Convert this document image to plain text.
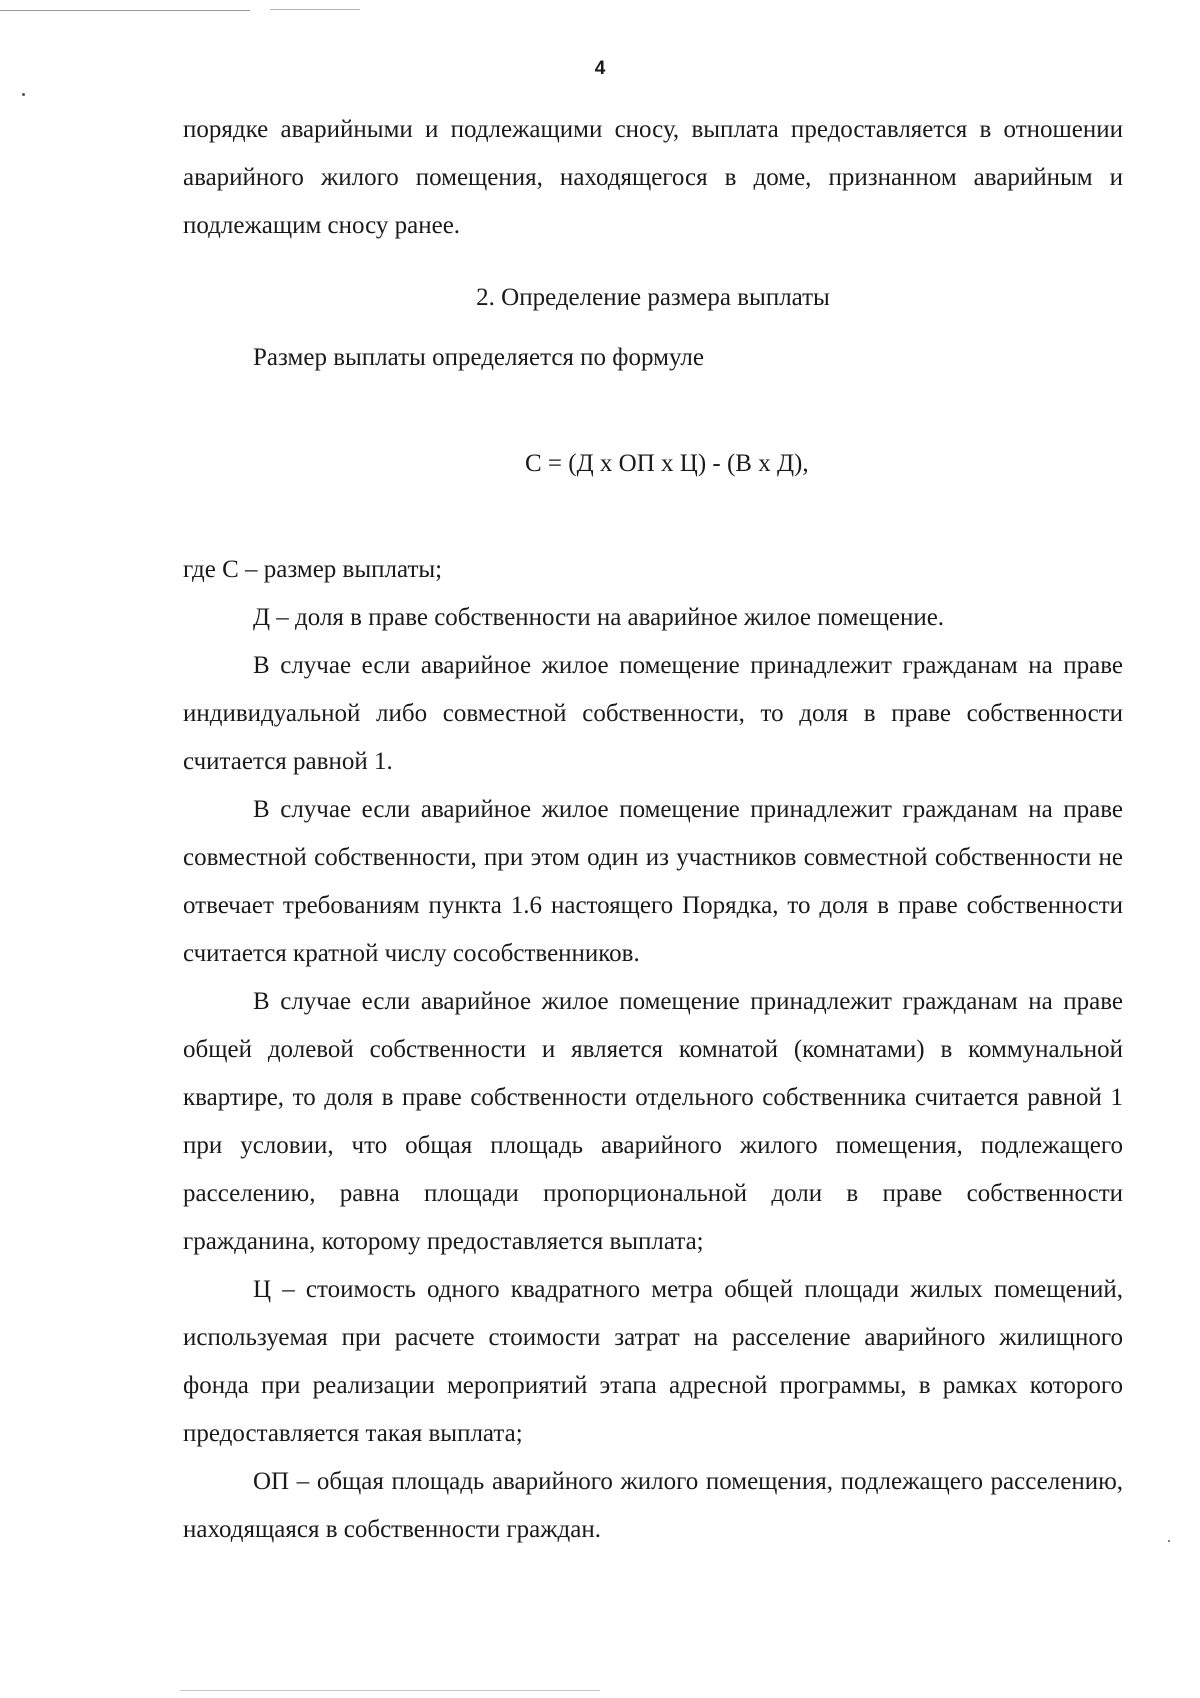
4

порядке аварийными и подлежащими сносу, выплата предоставляется в отношении аварийного жилого помещения, находящегося в доме, признанном аварийным и подлежащим сносу ранее.

2. Определение размера выплаты

Размер выплаты определяется по формуле

С = (Д x ОП x Ц) - (В x Д),

где С – размер выплаты;

Д – доля в праве собственности на аварийное жилое помещение.

В случае если аварийное жилое помещение принадлежит гражданам на праве индивидуальной либо совместной собственности, то доля в праве собственности считается равной 1.

В случае если аварийное жилое помещение принадлежит гражданам на праве совместной собственности, при этом один из участников совместной собственности не отвечает требованиям пункта 1.6 настоящего Порядка, то доля в праве собственности считается кратной числу сособственников.

В случае если аварийное жилое помещение принадлежит гражданам на праве общей долевой собственности и является комнатой (комнатами) в коммунальной квартире, то доля в праве собственности отдельного собственника считается равной 1 при условии, что общая площадь аварийного жилого помещения, подлежащего расселению, равна площади пропорциональной доли в праве собственности гражданина, которому предоставляется выплата;

Ц – стоимость одного квадратного метра общей площади жилых помещений, используемая при расчете стоимости затрат на расселение аварийного жилищного фонда при реализации мероприятий этапа адресной программы, в рамках которого предоставляется такая выплата;

ОП – общая площадь аварийного жилого помещения, подлежащего расселению, находящаяся в собственности граждан.
